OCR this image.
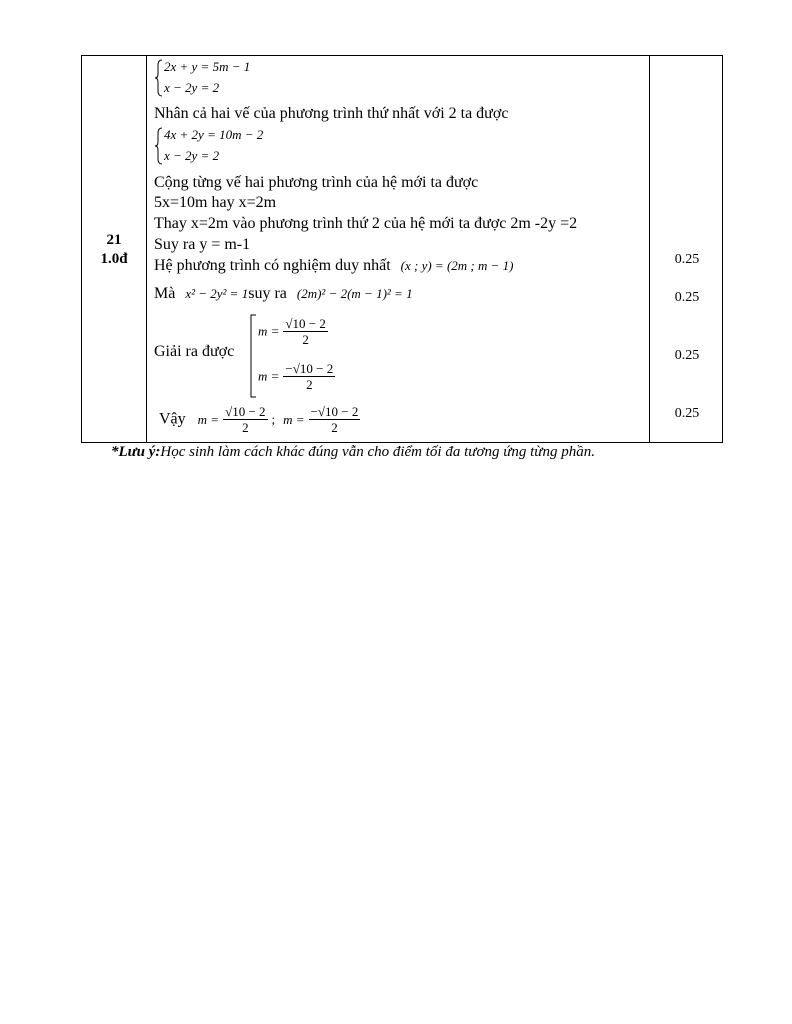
21
1.0đ
2x + y = 5m − 1
x − 2y = 2
Nhân cả hai vế của phương trình thứ nhất với 2 ta được
4x + 2y = 10m − 2
x − 2y = 2
Cộng từng vế hai phương trình của hệ mới ta được
5x=10m hay x=2m
Thay x=2m vào phương trình thứ 2 của hệ mới ta được 2m -2y =2
Suy ra y = m-1
Hệ phương trình có nghiệm duy nhất (x ; y) = (2m ; m − 1)
Mà x² − 2y² = 1suy ra (2m)² − 2(m − 1)² = 1
Giải ra được
$m = \frac{√10 - 2}{2}$
$m = \frac{-√10 - 2}{2}$
Vậy $m = \frac{√10 - 2}{2}$ ; $m = \frac{-√10 - 2}{2}$
0.25
0.25
0.25
0.25
*Lưu ý:Học sinh làm cách khác đúng vẫn cho điểm tối đa tương ứng từng phần.
